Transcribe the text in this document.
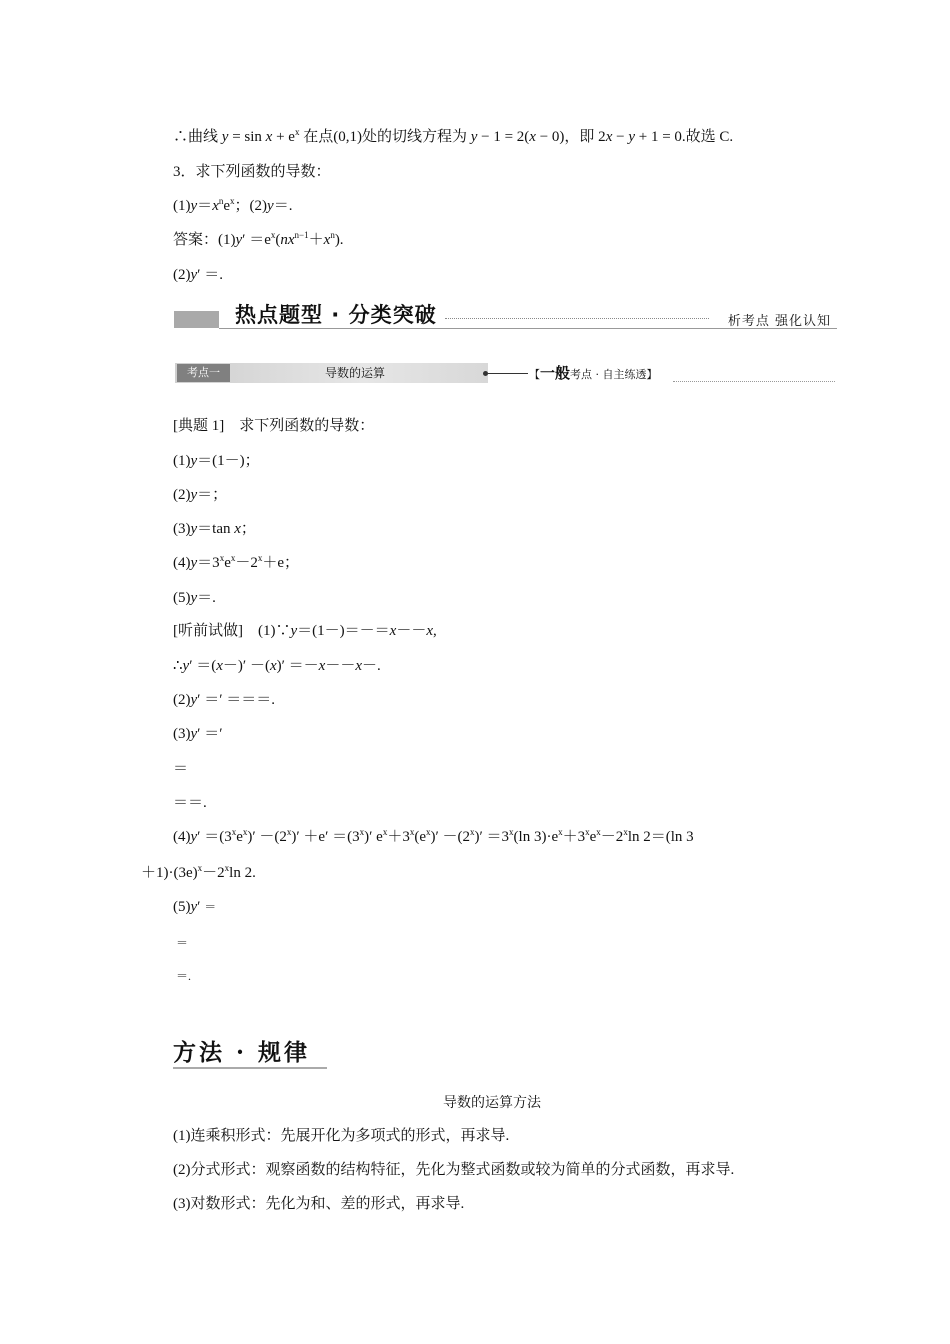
∴曲线 $y = \sin x + e^x$ 在点(0,1)处的切线方程为 y − 1 = 2(x − 0)，即 2x − y + 1 = 0.故选 C.
3．求下列函数的导数：
$(1)y=x^ne^x$；(2)y＝.
答案：$(1)y' =e^x(nx^{n-1}+x^n)$.
(2)y′ ＝.
热点题型 · 分类突破	析考点 强化认知
考点一	导数的运算	【一般考点 · 自主练透】
[典题 1]　求下列函数的导数：
(1)y＝(1－)；
(2)y＝；
(3)y＝tan x；
$(4)y=3^xe^x-2^x+e$；
(5)y＝.
[听前试做]　(1)∵y＝(1－)＝－＝x－－x,
∴y′ ＝(x－)′ －(x)′ ＝－x－－x－.
(2)y′ ＝′ ＝＝＝.
(3)y′ ＝′
＝
＝＝.
$(4)y' =(3^xe^x)' -(2^x)' +e' =(3^x)'$ $e^x+3^x(e^x)' -(2^x)' =3^x(\ln$ $3)\cdot e^x+3^xe^x-2^x\ln$ 2＝(ln 3
$+1)\cdot(3e)^x-2^x\ln$ 2.
(5)y′ ＝
＝
＝.
方法 · 规律
导数的运算方法
(1)连乘积形式：先展开化为多项式的形式，再求导.
(2)分式形式：观察函数的结构特征，先化为整式函数或较为简单的分式函数，再求导.
(3)对数形式：先化为和、差的形式，再求导.
